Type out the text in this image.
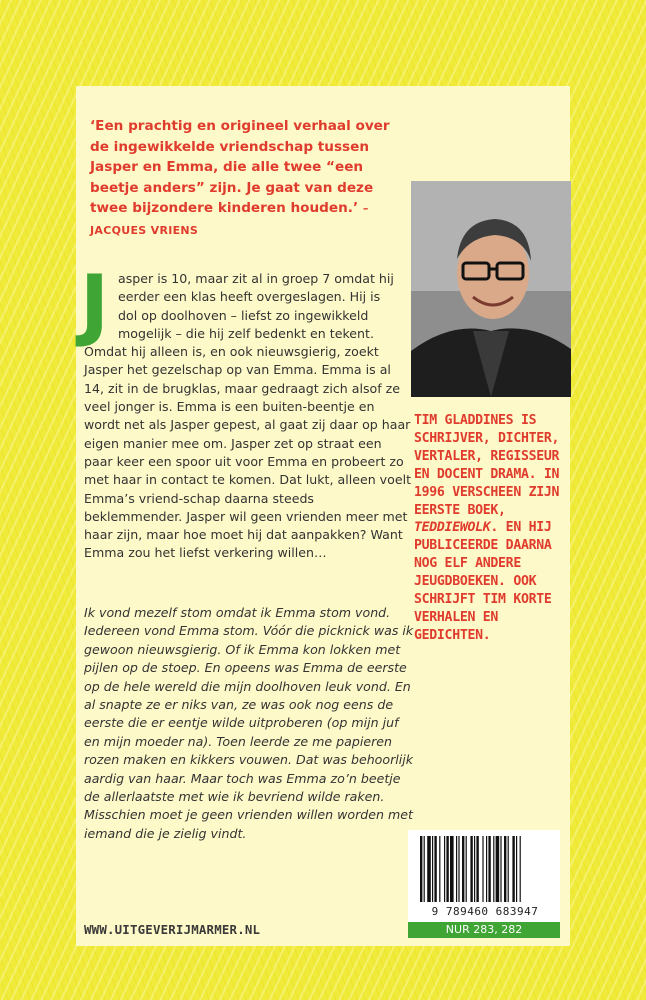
‘Een prachtig en origineel verhaal over de ingewikkelde vriendschap tussen Jasper en Emma, die alle twee “een beetje anders” zijn. Je gaat van deze twee bijzondere kinderen houden.’ – JACQUES VRIENS
TIM GLADDINES IS SCHRIJVER, DICHTER, VERTALER, REGISSEUR EN DOCENT DRAMA. IN 1996 VERSCHEEN ZIJN EERSTE BOEK, TEDDIEWOLK. EN HIJ PUBLICEERDE DAARNA NOG ELF ANDERE JEUGDBOEKEN. OOK SCHRIJFT TIM KORTE VERHALEN EN GEDICHTEN.
J asper is 10, maar zit al in groep 7 omdat hij
eerder een klas heeft overgeslagen. Hij is
dol op doolhoven – liefst zo ingewikkeld
mogelijk – die hij zelf bedenkt en tekent.
Omdat hij alleen is, en ook nieuwsgierig, zoekt Jasper het gezelschap op van Emma. Emma is al 14, zit in de brugklas, maar gedraagt zich alsof ze veel jonger is. Emma is een buiten-beentje en wordt net als Jasper gepest, al gaat zij daar op haar eigen manier mee om. Jasper zet op straat een paar keer een spoor uit voor Emma en probeert zo met haar in contact te komen. Dat lukt, alleen voelt Emma’s vriend-schap daarna steeds beklemmender. Jasper wil geen vrienden meer met haar zijn, maar hoe moet hij dat aanpakken? Want Emma zou het liefst verkering willen…
Ik vond mezelf stom omdat ik Emma stom vond. Iedereen vond Emma stom. Vóór die picknick was ik gewoon nieuwsgierig. Of ik Emma kon lokken met pijlen op de stoep. En opeens was Emma de eerste op de hele wereld die mijn doolhoven leuk vond. En al snapte ze er niks van, ze was ook nog eens de eerste die er eentje wilde uitproberen (op mijn juf en mijn moeder na). Toen leerde ze me papieren rozen maken en kikkers vouwen. Dat was behoorlijk aardig van haar. Maar toch was Emma zo’n beetje de allerlaatste met wie ik bevriend wilde raken. Misschien moet je geen vrienden willen worden met iemand die je zielig vindt.
WWW.UITGEVERIJMARMER.NL
9 789460 683947
NUR 283, 282
